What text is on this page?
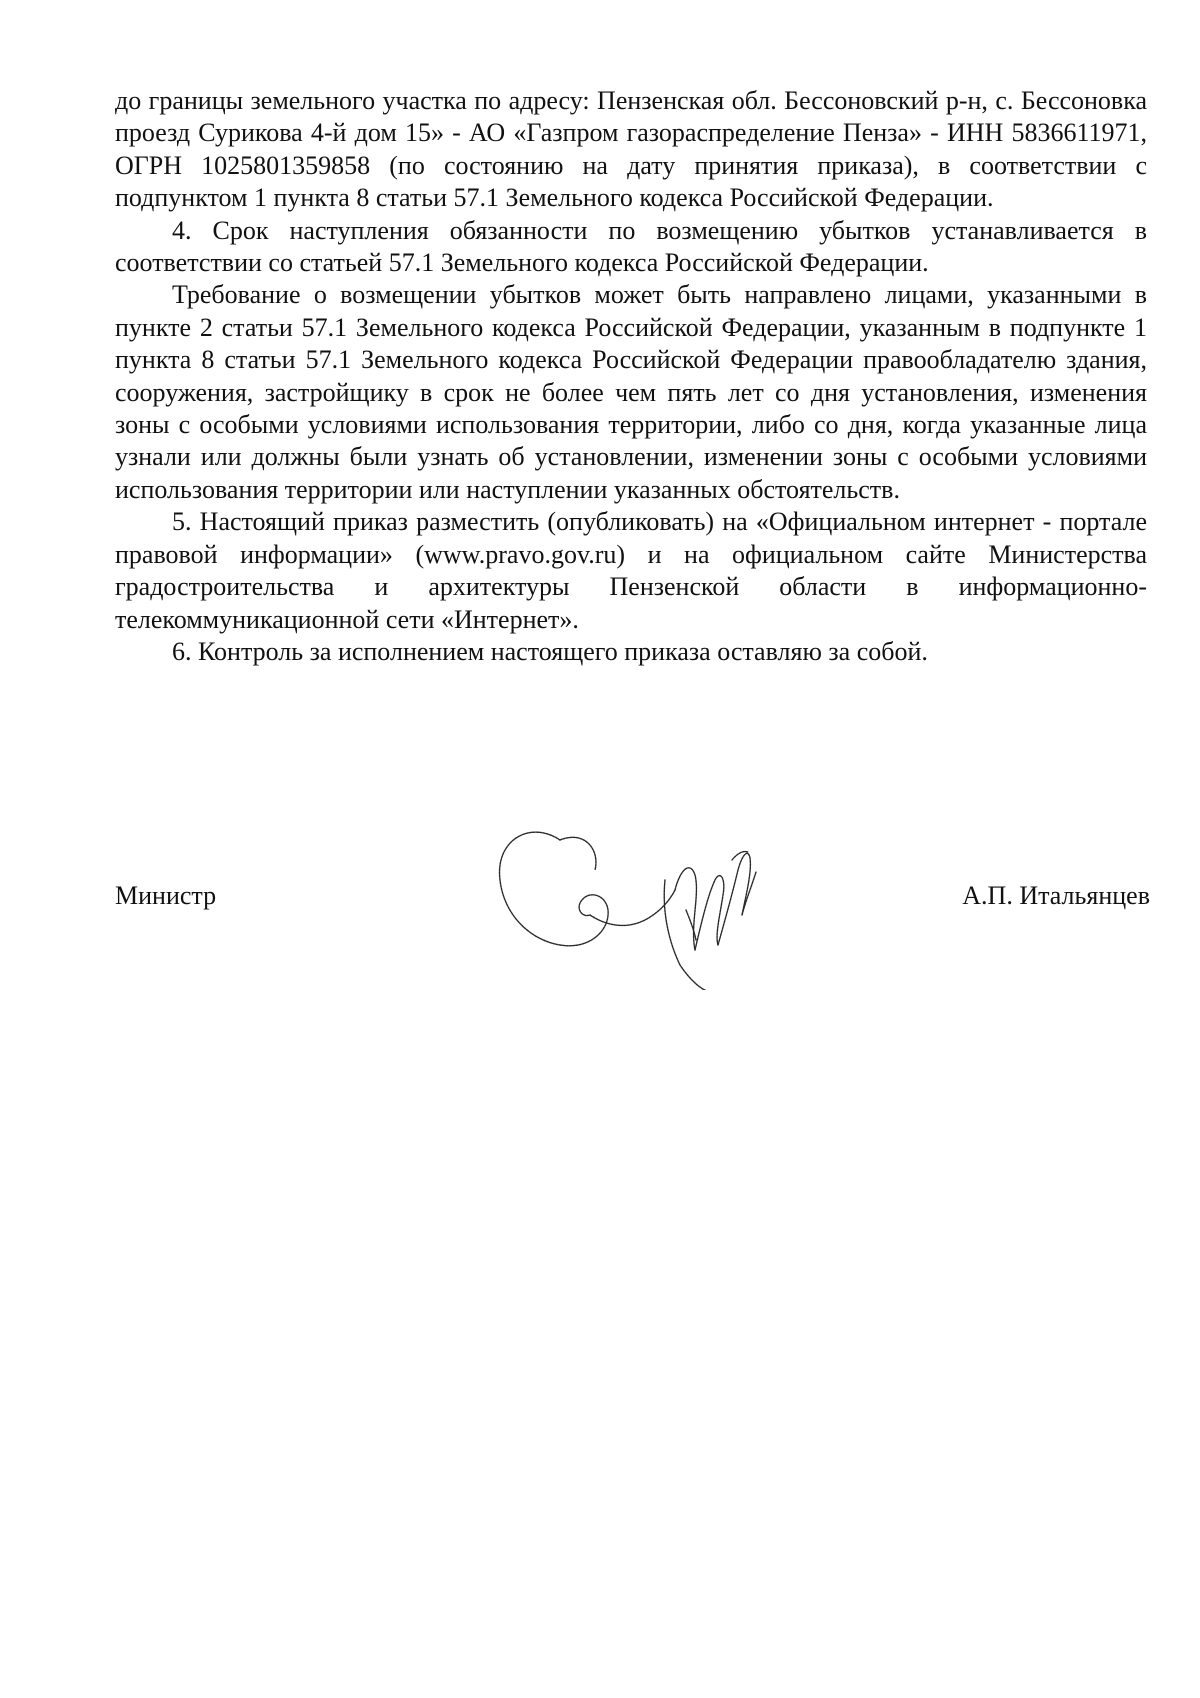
до границы земельного участка по адресу: Пензенская обл. Бессоновский р-н, с. Бессоновка проезд Сурикова 4-й дом 15» - АО «Газпром газораспределение Пенза» - ИНН 5836611971, ОГРН 1025801359858 (по состоянию на дату принятия приказа), в соответствии с подпунктом 1 пункта 8 статьи 57.1 Земельного кодекса Российской Федерации.

4. Срок наступления обязанности по возмещению убытков устанавливается в соответствии со статьей 57.1 Земельного кодекса Российской Федерации.

Требование о возмещении убытков может быть направлено лицами, указанными в пункте 2 статьи 57.1 Земельного кодекса Российской Федерации, указанным в подпункте 1 пункта 8 статьи 57.1 Земельного кодекса Российской Федерации правообладателю здания, сооружения, застройщику в срок не более чем пять лет со дня установления, изменения зоны с особыми условиями использования территории, либо со дня, когда указанные лица узнали или должны были узнать об установлении, изменении зоны с особыми условиями использования территории или наступлении указанных обстоятельств.

5. Настоящий приказ разместить (опубликовать) на «Официальном интернет - портале правовой информации» (www.pravo.gov.ru) и на официальном сайте Министерства градостроительства и архитектуры Пензенской области в информационно-телекоммуникационной сети «Интернет».

6. Контроль за исполнением настоящего приказа оставляю за собой.

Министр	А.П. Итальянцев
